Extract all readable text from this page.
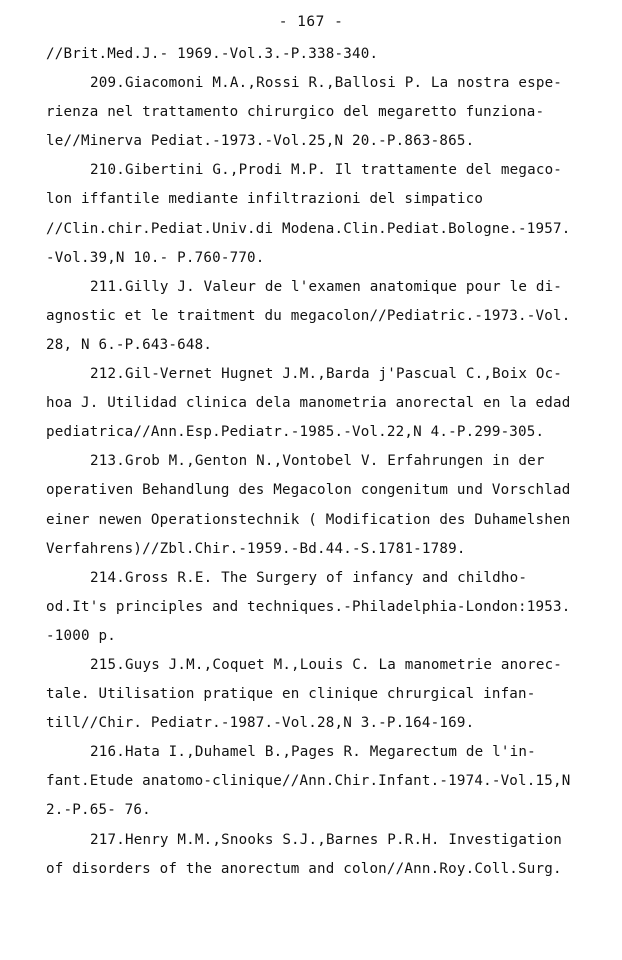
- 167 -
//Brit.Med.J.- 1969.-Vol.3.-P.338-340.
209.Giacomoni M.A.,Rossi R.,Ballosi P. La nostra espe-
rienza nel trattamento chirurgico del megaretto funziona-
le//Minerva Pediat.-1973.-Vol.25,N 20.-P.863-865.
210.Gibertini G.,Prodi M.P. Il trattamente del megaco-
lon iffantile mediante infiltrazioni del simpatico
//Clin.chir.Pediat.Univ.di Modena.Clin.Pediat.Bologne.-1957.
-Vol.39,N 10.- P.760-770.
211.Gilly J. Valeur de l'examen anatomique pour le di-
agnostic et le traitment du megacolon//Pediatric.-1973.-Vol.
28, N 6.-P.643-648.
212.Gil-Vernet Hugnet J.M.,Barda j'Pascual C.,Boix Oc-
hoa J. Utilidad clinica dela manometria anorectal en la edad
pediatrica//Ann.Esp.Pediatr.-1985.-Vol.22,N 4.-P.299-305.
213.Grob M.,Genton N.,Vontobel V. Erfahrungen in der
operativen Behandlung des Megacolon congenitum und Vorschlad
einer newen Operationstechnik ( Modification des Duhamelshen
Verfahrens)//Zbl.Chir.-1959.-Bd.44.-S.1781-1789.
214.Gross R.E. The Surgery of infancy and childho-
od.It's principles and techniques.-Philadelphia-London:1953.
-1000 p.
215.Guys J.M.,Coquet M.,Louis C. La manometrie anorec-
tale. Utilisation pratique en clinique chrurgical infan-
till//Chir. Pediatr.-1987.-Vol.28,N 3.-P.164-169.
216.Hata I.,Duhamel B.,Pages R. Megarectum de l'in-
fant.Etude anatomo-clinique//Ann.Chir.Infant.-1974.-Vol.15,N
2.-P.65- 76.
217.Henry M.M.,Snooks S.J.,Barnes P.R.H. Investigation
of disorders of the anorectum and colon//Ann.Roy.Coll.Surg.
